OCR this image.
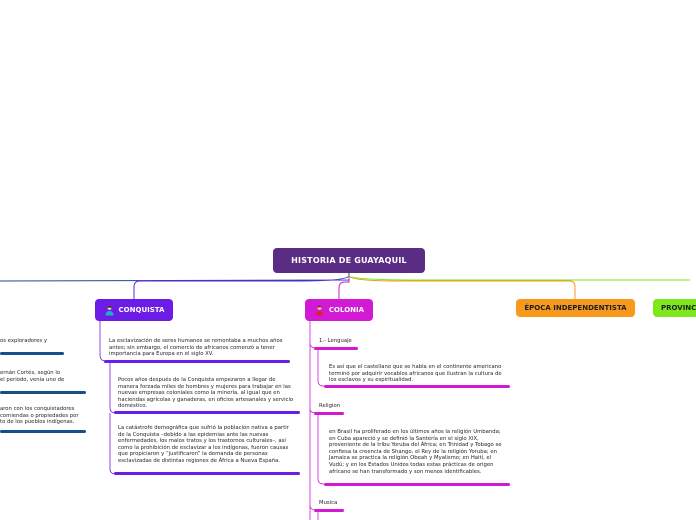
HISTORIA DE GUAYAQUIL
CONQUISTA	COLONIA	ÉPOCA INDEPENDENTISTA	PROVINC
os exploradores y
ernán Cortés, según lo
el periodo, venía uno de
aron con los conquistadores
comiendas o propiedades por
to de los pueblos indígenas.
La esclavización de seres humanos se remontaba a muchos años antes; sin embargo, el comercio de africanos comenzó a tener importancia para Europa en el siglo XV.
Pocos años después de la Conquista empezaron a llegar de manera forzada miles de hombres y mujeres para trabajar en las nuevas empresas coloniales como la minería, al igual que en haciendas agrícolas y ganaderas, en oficios artesanales y servicio doméstico.
La catástrofe demográfica que sufrió la población nativa a partir de la Conquista –debido a las epidemias ante las nuevas enfermedades, los malos tratos y los trastornos culturales–, así como la prohibición de esclavizar a los indígenas, fueron causas que propiciaron y “justificaron” la demanda de personas esclavizadas de distintas regiones de África a Nueva España.
1.- Lenguaje
Es así que el castellano que se habla en el continente americano terminó por adquirir vocablos africanos que ilustran la cultura de los esclavos y su espiritualidad.
Religion
en Brasil ha proliferado en los últimos años la religión Umbanda; en Cuba apareció y se definió la Santería en el siglo XIX, proveniente de la tribu Yoruba del África; en Trinidad y Tobago se confiesa la creencia de Shango, el Rey de la religión Yoruba; en Jamaica se practica la religión Obeah y Myalismo; en Haití, el Vudú; y en los Estados Unidos todas estas prácticas de origen africano se han transformado y son menos identificables.
Musica
